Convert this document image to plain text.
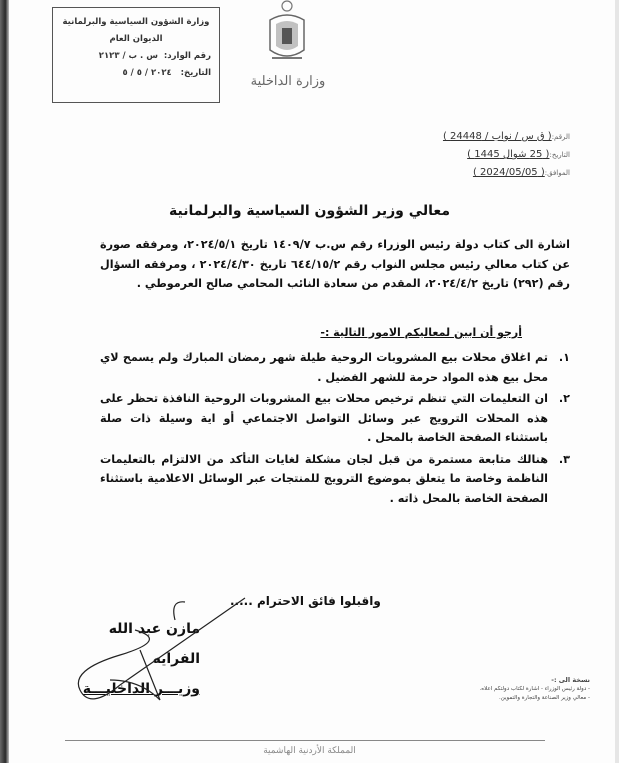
وزارة الشؤون السياسية والبرلمانية
الديوان العام
رقم الوارد:  س . ب / ٢١٢٣
التاريخ:   ٢٠٢٤ / ٥ / ٥
وزارة الداخلية
الرقم:( ق س / نواب / 24448 )
التاريخ:( 25 شوال 1445 )
الموافق:( 2024/05/05 )
معالي وزير الشؤون السياسية والبرلمانية
اشارة الى كتاب دولة رئيس الوزراء رقم س.ب ١٤٠٩/٧ تاريخ ٢٠٢٤/٥/١، ومرفقه صورة عن كتاب معالي رئيس مجلس النواب رقم ٦٤٤/١٥/٢ تاريخ ٢٠٢٤/٤/٣٠ ، ومرفقه السؤال رقم (٢٩٢) تاريخ ٢٠٢٤/٤/٢، المقدم من سعادة النائب المحامي صالح العرموطي .
أرجو أن ابين لمعاليكم الامور التالية :-
١.
تم اغلاق محلات بيع المشروبات الروحية طيلة شهر رمضان المبارك ولم يسمح لاي محل بيع هذه المواد حرمة للشهر الفضيل .
٢.
ان التعليمات التي تنظم ترخيص محلات بيع المشروبات الروحية النافذة تحظر على هذه المحلات الترويج عبر وسائل التواصل الاجتماعي أو اية وسيلة ذات صلة باستثناء الصفحة الخاصة بالمحل .
٣.
هنالك متابعة مستمرة من قبل لجان مشكلة لغايات التأكد من الالتزام بالتعليمات الناظمة وخاصة ما يتعلق بموضوع الترويج للمنتجات عبر الوسائل الاعلامية باستثناء الصفحة الخاصة بالمحل ذاته .
واقبلوا فائق الاحترام .....
مازن عبد الله الفرايه
وزيـــر الداخليـــة
نسخة الى :-
- دولة رئيس الوزراء - اشارة لكتاب دولتكم اعلاه.
- معالي وزير الصناعة والتجارة والتموين.
المملكة الأردنية الهاشمية
